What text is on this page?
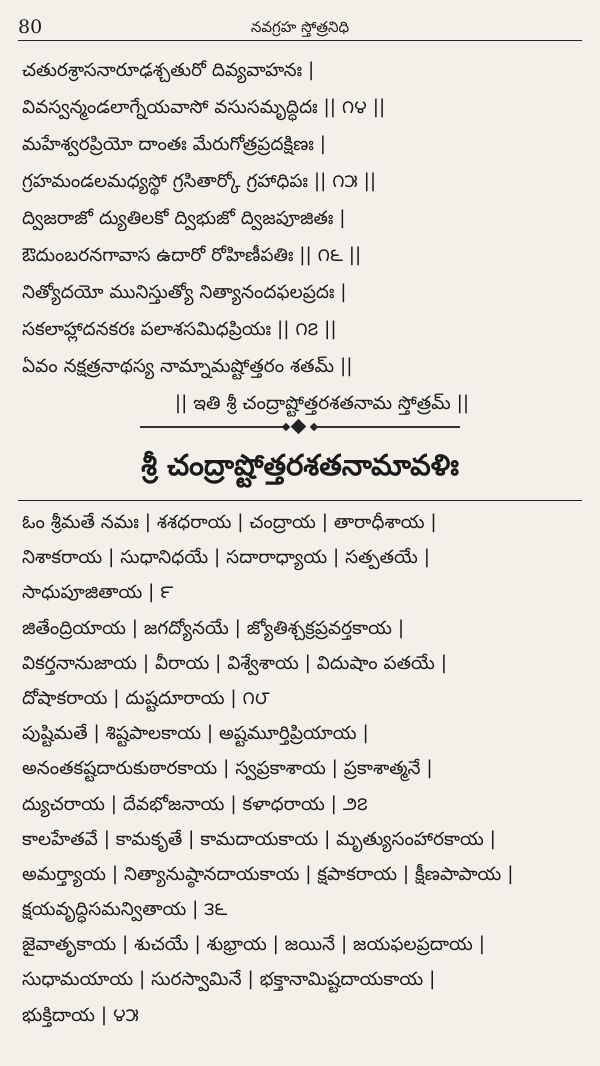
80	నవగ్రహ స్తోత్రనిధి
చతురశ్రాసనారూఢశ్చతురో దివ్యవాహనః |
వివస్వన్మండలాగ్నేయవాసో వసుసమృద్ధిదః || ౧౪ ||
మహేశ్వరప్రియో దాంతః మేరుగోత్రప్రదక్షిణః |
గ్రహమండలమధ్యస్థో గ్రసితార్కో గ్రహాధిపః || ౧౫ ||
ద్విజరాజో ద్యుతిలకో ద్విభుజో ద్విజపూజితః |
ఔదుంబరనగావాస ఉదారో రోహిణీపతిః || ౧౬ ||
నిత్యోదయో మునిస్తుత్యో నిత్యానందఫలప్రదః |
సకలాహ్లాదనకరః పలాశసమిధప్రియః || ౧౭ ||
ఏవం నక్షత్రనాథస్య నామ్నామష్టోత్తరం శతమ్ ||
|| ఇతి శ్రీ చంద్రాష్టోత్తరశతనామ స్తోత్రమ్ ||
శ్రీ చంద్రాష్టోత్తరశతనామావళిః
ఓం శ్రీమతే నమః | శశధరాయ | చంద్రాయ | తారాధీశాయ |
నిశాకరాయ | సుధానిధయే | సదారాధ్యాయ | సత్పతయే |
సాధుపూజితాయ | ౯
జితేంద్రియాయ | జగద్యోనయే | జ్యోతిశ్చక్రప్రవర్తకాయ |
వికర్తనానుజాయ | వీరాయ | విశ్వేశాయ | విదుషాం పతయే |
దోషాకరాయ | దుష్టదూరాయ | ౧౮
పుష్టిమతే | శిష్టపాలకాయ | అష్టమూర్తిప్రియాయ |
అనంతకష్టదారుకుఠారకాయ | స్వప్రకాశాయ | ప్రకాశాత్మనే |
ద్యుచరాయ | దేవభోజనాయ | కళాధరాయ | ౨౭
కాలహేతవే | కామకృతే | కామదాయకాయ | మృత్యుసంహారకాయ |
అమర్త్యాయ | నిత్యానుష్ఠానదాయకాయ | క్షపాకరాయ | క్షీణపాపాయ |
క్షయవృద్ధిసమన్వితాయ | ౩౬
జైవాతృకాయ | శుచయే | శుభ్రాయ | జయినే | జయఫలప్రదాయ |
సుధామయాయ | సురస్వామినే | భక్తానామిష్టదాయకాయ |
భుక్తిదాయ | ౪౫
